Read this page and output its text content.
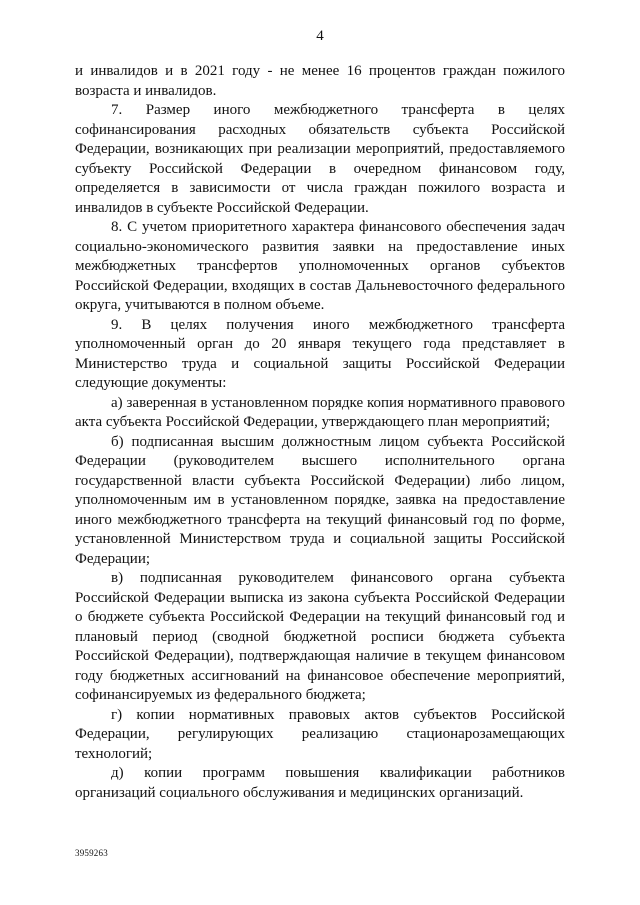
4

и инвалидов и в 2021 году - не менее 16 процентов граждан пожилого возраста и инвалидов.

7. Размер иного межбюджетного трансферта в целях софинансирования расходных обязательств субъекта Российской Федерации, возникающих при реализации мероприятий, предоставляемого субъекту Российской Федерации в очередном финансовом году, определяется в зависимости от числа граждан пожилого возраста и инвалидов в субъекте Российской Федерации.

8. С учетом приоритетного характера финансового обеспечения задач социально-экономического развития заявки на предоставление иных межбюджетных трансфертов уполномоченных органов субъектов Российской Федерации, входящих в состав Дальневосточного федерального округа, учитываются в полном объеме.

9. В целях получения иного межбюджетного трансферта уполномоченный орган до 20 января текущего года представляет в Министерство труда и социальной защиты Российской Федерации следующие документы:

а) заверенная в установленном порядке копия нормативного правового акта субъекта Российской Федерации, утверждающего план мероприятий;

б) подписанная высшим должностным лицом субъекта Российской Федерации (руководителем высшего исполнительного органа государственной власти субъекта Российской Федерации) либо лицом, уполномоченным им в установленном порядке, заявка на предоставление иного межбюджетного трансферта на текущий финансовый год по форме, установленной Министерством труда и социальной защиты Российской Федерации;

в) подписанная руководителем финансового органа субъекта Российской Федерации выписка из закона субъекта Российской Федерации о бюджете субъекта Российской Федерации на текущий финансовый год и плановый период (сводной бюджетной росписи бюджета субъекта Российской Федерации), подтверждающая наличие в текущем финансовом году бюджетных ассигнований на финансовое обеспечение мероприятий, софинансируемых из федерального бюджета;

г) копии нормативных правовых актов субъектов Российской Федерации, регулирующих реализацию стационарозамещающих технологий;

д) копии программ повышения квалификации работников организаций социального обслуживания и медицинских организаций.

3959263
